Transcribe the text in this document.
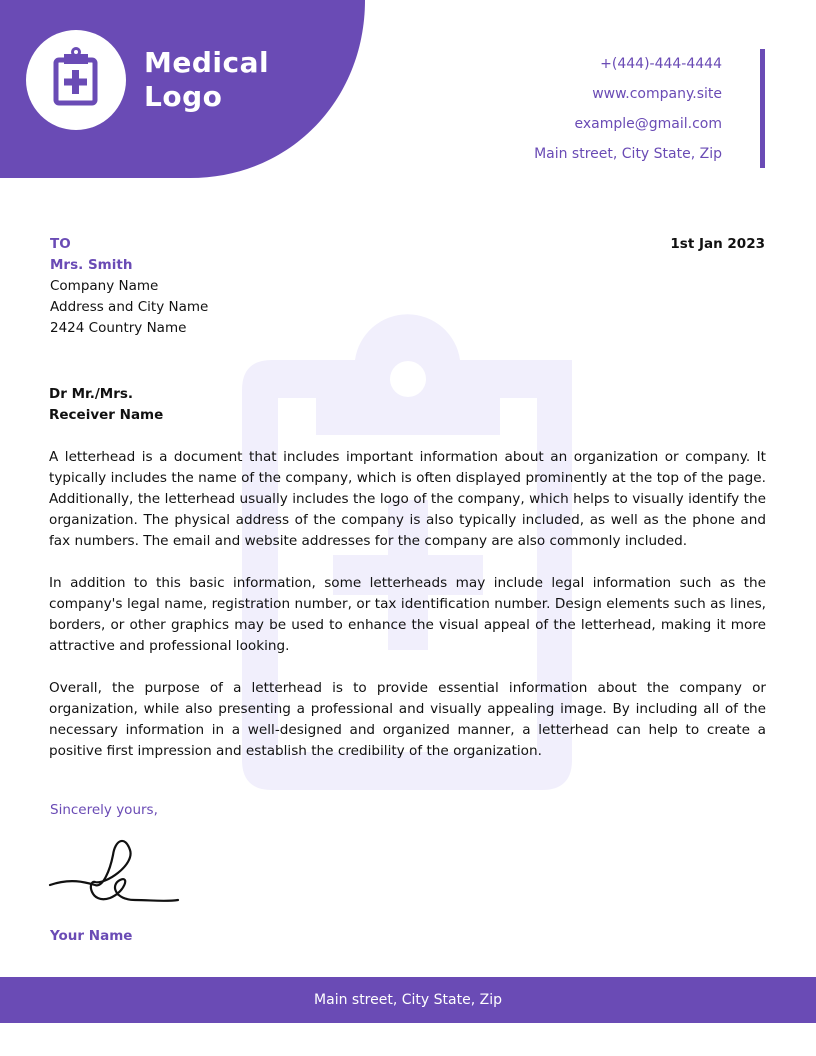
Medical
Logo
+(444)-444-4444
www.company.site
example@gmail.com
Main street, City State, Zip
TO	1st Jan 2023
Mrs. Smith
Company Name
Address and City Name
2424 Country Name
Dr Mr./Mrs.
Receiver Name

A letterhead is a document that includes important information about an organization or company. It typically includes the name of the company, which is often displayed prominently at the top of the page. Additionally, the letterhead usually includes the logo of the company, which helps to visually identify the organization. The physical address of the company is also typically included, as well as the phone and fax numbers. The email and website addresses for the company are also commonly included.

In addition to this basic information, some letterheads may include legal information such as the company's legal name, registration number, or tax identification number. Design elements such as lines, borders, or other graphics may be used to enhance the visual appeal of the letterhead, making it more attractive and professional looking.

Overall, the purpose of a letterhead is to provide essential information about the company or organization, while also presenting a professional and visually appealing image. By including all of the necessary information in a well-designed and organized manner, a letterhead can help to create a positive first impression and establish the credibility of the organization.

Sincerely yours,
Your Name
Main street, City State, Zip
